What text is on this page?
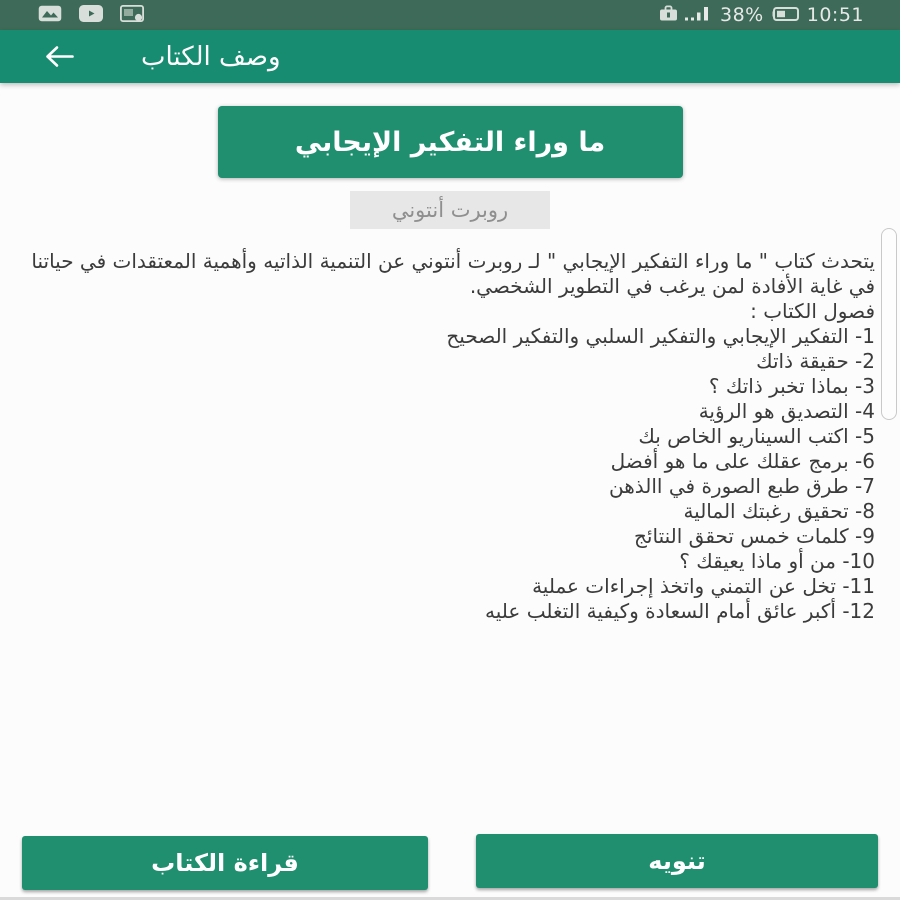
38% 10:51
وصف الكتاب
ما وراء التفكير الإيجابي
روبرت أنتوني

يتحدث كتاب " ما وراء التفكير الإيجابي " لـ روبرت أنتوني عن التنمية الذاتيه وأهمية المعتقدات في حياتنا في غاية الأفادة لمن يرغب في التطوير الشخصي.

فصول الكتاب :
1- التفكير الإيجابي والتفكير السلبي والتفكير الصحيح
2- حقيقة ذاتك
3- بماذا تخبر ذاتك ؟
4- التصديق هو الرؤية
5- اكتب السيناريو الخاص بك
6- برمج عقلك على ما هو أفضل
7- طرق طبع الصورة في االذهن
8- تحقيق رغبتك المالية
9- كلمات خمس تحقق النتائج
10- من أو ماذا يعيقك ؟
11- تخل عن التمني واتخذ إجراءات عملية
12- أكبر عائق أمام السعادة وكيفية التغلب عليه
قراءة الكتاب	تنويه
